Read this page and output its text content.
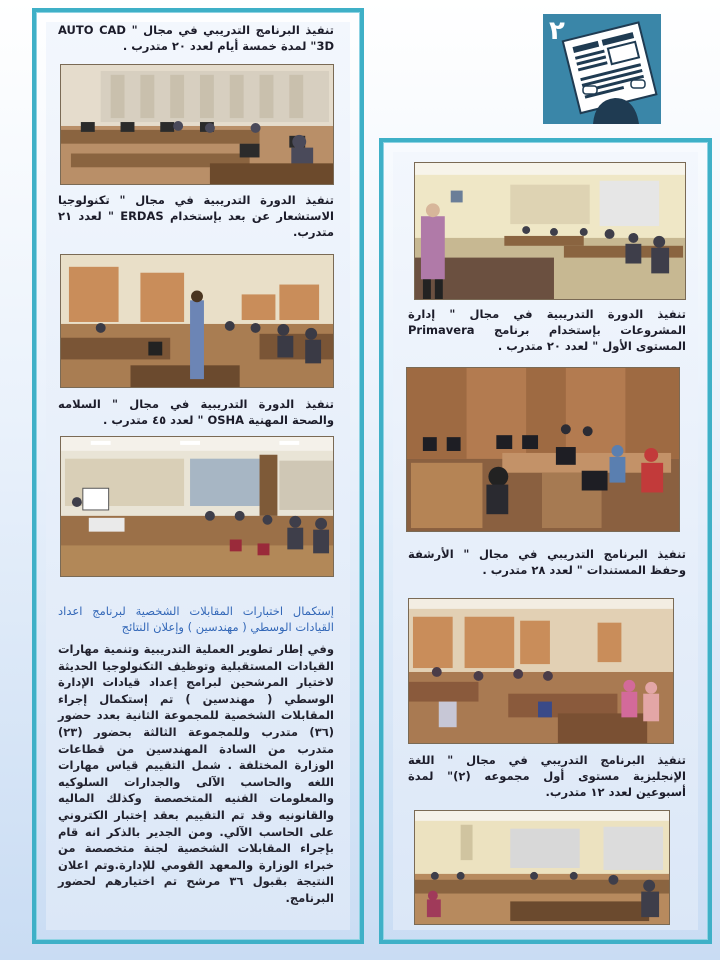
٢
تنفيذ البرنامج التدريبي في مجال " AUTO CAD 3D" لمدة خمسة أيام لعدد ٢٠ متدرب .
تنفيذ الدورة التدريبية في مجال " تكنولوجيا الاستشعار عن بعد بإستخدام ERDAS " لعدد ٢١ متدرب.
تنفيذ الدورة التدريبية في مجال " السلامه والصحة المهنية OSHA " لعدد ٤٥ متدرب .
إستكمال اختبارات المقابلات الشخصية لبرنامج اعداد القيادات الوسطي ( مهندسين ) وإعلان النتائج
وفي إطار تطوير العملية التدريبية وتنمية مهارات القيادات المستقبلية وتوظيف التكنولوجيا الحديثة لاختيار المرشحين لبرامج إعداد قيادات الإدارة الوسطي ( مهندسين ) تم إستكمال إجراء المقابلات الشخصية للمجموعة الثانية بعدد حضور (٣٦) متدرب وللمجموعة الثالثة بحضور (٢٣) متدرب من السادة المهندسين من قطاعات الوزارة المختلفة . شمل التقييم قياس مهارات اللغه والحاسب الآلى والجدارات السلوكيه والمعلومات الفنيه المتخصصة وكذلك الماليه والقانونيه وقد تم التقييم بعقد إختبار الكتروني على الحاسب الآلي. ومن الجدير بالذكر انه قام بإجراء المقابلات الشخصية لجنة متخصصة من خبراء الوزارة والمعهد القومي للإدارة.وتم اعلان النتيجة بقبول ٣٦ مرشح تم اختيارهم لحضور البرنامج.
تنفيذ الدورة التدريبية في مجال " إدارة المشروعات بإستخدام برنامج Primavera المستوى الأول " لعدد ٢٠ متدرب .
تنفيذ البرنامج التدريبي في مجال " الأرشفة وحفظ المستندات " لعدد ٢٨ متدرب .
تنفيذ البرنامج التدريبي في مجال " اللغة الإنجليزية مستوى أول مجموعه (٢)" لمدة أسبوعين لعدد ١٢ متدرب.
